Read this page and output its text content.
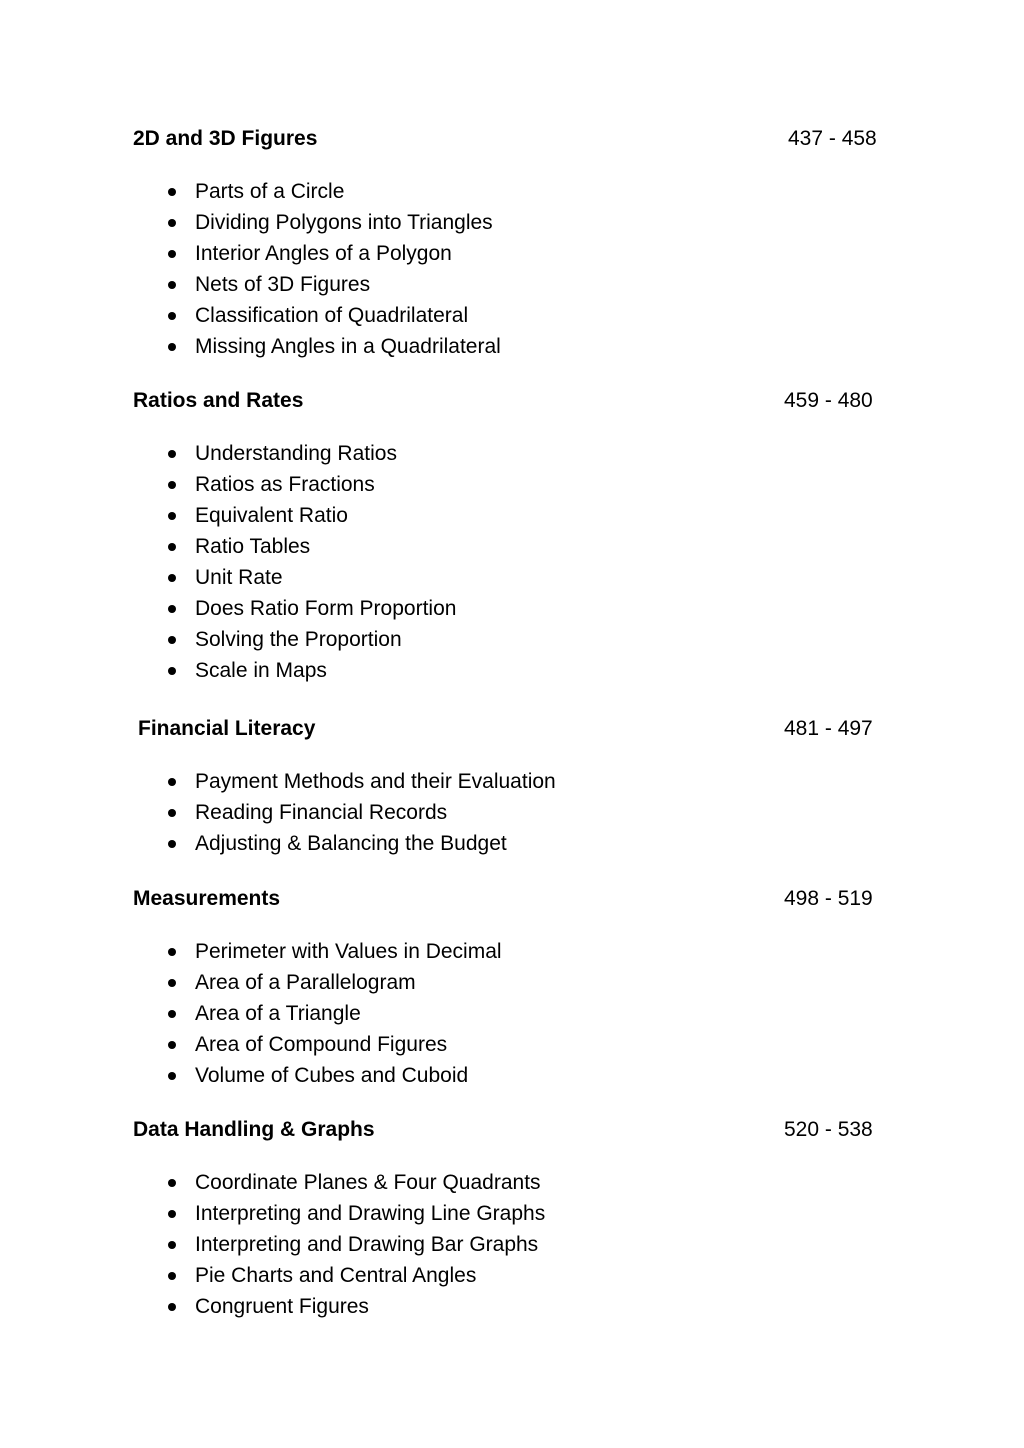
2D and 3D Figures	437 - 458
Parts of a Circle
Dividing Polygons into Triangles
Interior Angles of a Polygon
Nets of 3D Figures
Classification of Quadrilateral
Missing Angles in a Quadrilateral
Ratios and Rates	459 - 480
Understanding Ratios
Ratios as Fractions
Equivalent Ratio
Ratio Tables
Unit Rate
Does Ratio Form Proportion
Solving the Proportion
Scale in Maps
Financial Literacy	481 - 497
Payment Methods and their Evaluation
Reading Financial Records
Adjusting & Balancing the Budget
Measurements	498 - 519
Perimeter with Values in Decimal
Area of a Parallelogram
Area of a Triangle
Area of Compound Figures
Volume of Cubes and Cuboid
Data Handling & Graphs	520 - 538
Coordinate Planes & Four Quadrants
Interpreting and Drawing Line Graphs
Interpreting and Drawing Bar Graphs
Pie Charts and Central Angles
Congruent Figures
